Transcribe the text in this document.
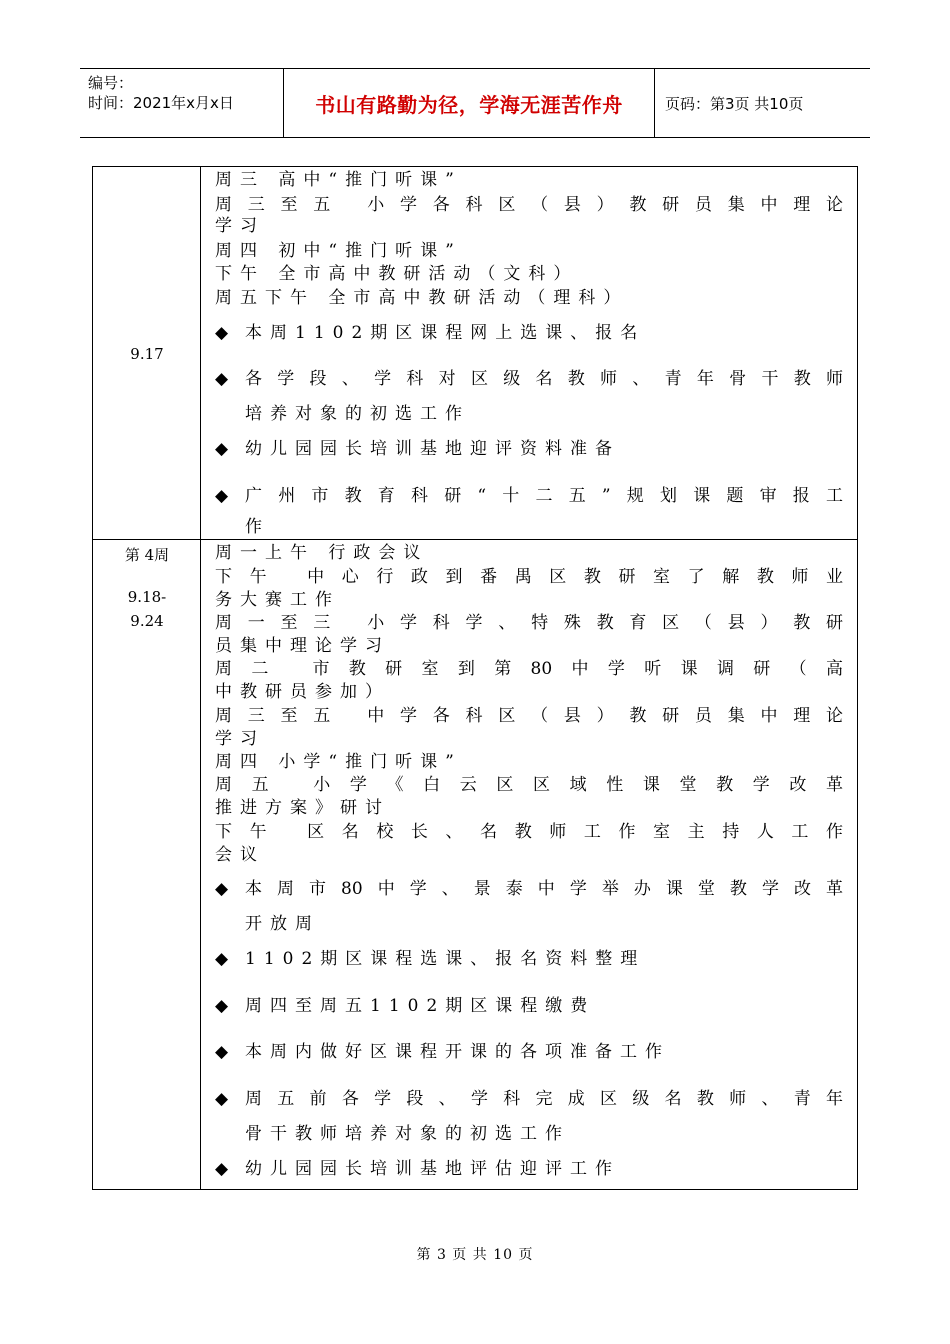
编号：
时间：2021年x月x日	书山有路勤为径，学海无涯苦作舟	页码：第3页 共10页
9.17
周三 高中“推门听课”
周三至五 小学各科区（县）教研员集中理论
学习
周四 初中“推门听课”
下午 全市高中教研活动（文科）
周五下午 全市高中教研活动（理科）
◆ 本周1102期区课程网上选课、报名
◆ 各学段、学科对区级名教师、青年骨干教师
培养对象的初选工作
◆ 幼儿园园长培训基地迎评资料准备
◆ 广州市教育科研“十二五”规划课题审报工
作
第 4周
9.18-
9.24
周一上午 行政会议
下午 中心行政到番禺区教研室了解教师业
务大赛工作
周一至三 小学科学、特殊教育区（县）教研
员集中理论学习
周二 市教研室到第80中学听课调研（高
中教研员参加）
周三至五 中学各科区（县）教研员集中理论
学习
周四 小学“推门听课”
周五 小学《白云区区域性课堂教学改革
推进方案》研讨
下午 区名校长、名教师工作室主持人工作
会议
◆ 本周市80中学、景泰中学举办课堂教学改革
开放周
◆ 1102期区课程选课、报名资料整理
◆ 周四至周五1102期区课程缴费
◆ 本周内做好区课程开课的各项准备工作
◆ 周五前各学段、学科完成区级名教师、青年
骨干教师培养对象的初选工作
◆ 幼儿园园长培训基地评估迎评工作
第 3 页 共 10 页
